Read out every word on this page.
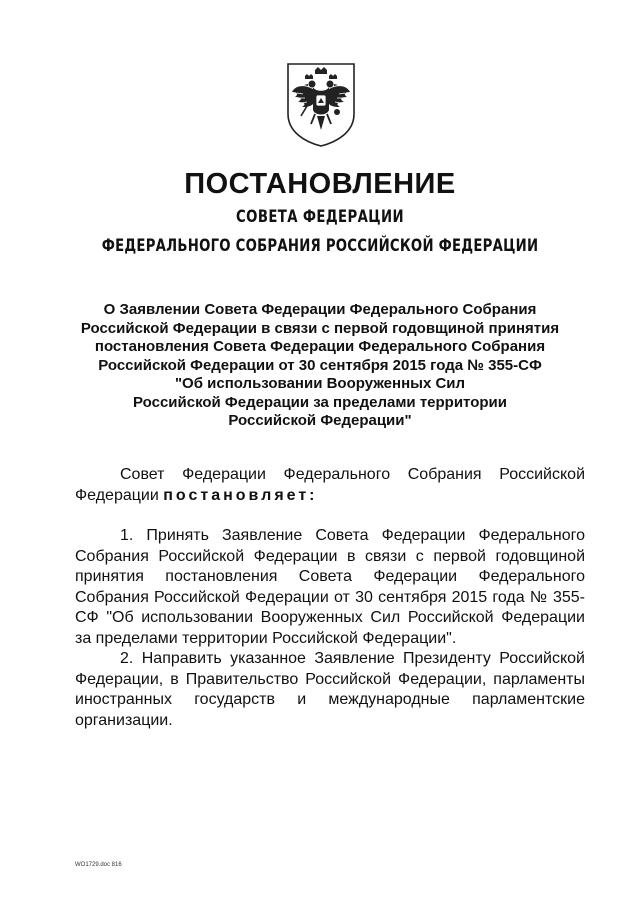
ПОСТАНОВЛЕНИЕ
СОВЕТА ФЕДЕРАЦИИ
ФЕДЕРАЛЬНОГО СОБРАНИЯ РОССИЙСКОЙ ФЕДЕРАЦИИ
О Заявлении Совета Федерации Федерального Собрания
Российской Федерации в связи с первой годовщиной принятия
постановления Совета Федерации Федерального Собрания
Российской Федерации от 30 сентября 2015 года № 355-СФ
"Об использовании Вооруженных Сил
Российской Федерации за пределами территории
Российской Федерации"

Совет Федерации Федерального Собрания Российской Федерации постановляет:

1. Принять Заявление Совета Федерации Федерального Собрания Российской Федерации в связи с первой годовщиной принятия постановления Совета Федерации Федерального Собрания Российской Федерации от 30 сентября 2015 года № 355-СФ "Об использовании Вооруженных Сил Российской Федерации за пределами территории Российской Федерации".

2. Направить указанное Заявление Президенту Российской Федерации, в Правительство Российской Федерации, парламенты иностранных государств и международные парламентские организации.

WO1729.doc 816
